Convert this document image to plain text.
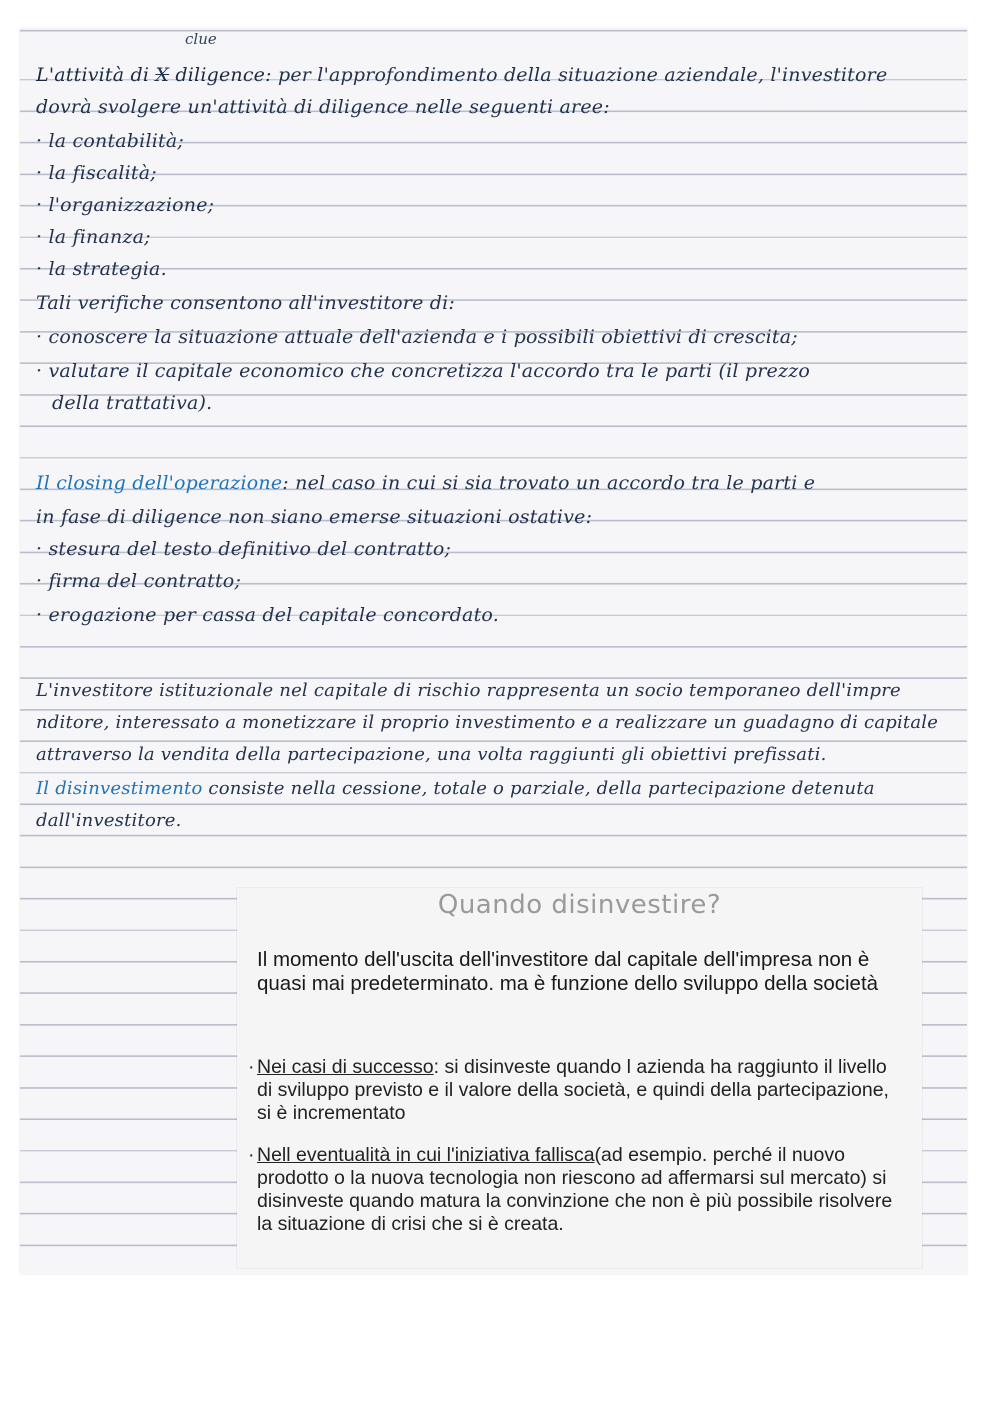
clue
L'attività di X diligence: per l'approfondimento della situazione aziendale, l'investitore
dovrà svolgere un'attività di diligence nelle seguenti aree:
· la contabilità;
· la fiscalità;
· l'organizzazione;
· la finanza;
· la strategia.
Tali verifiche consentono all'investitore di:
· conoscere la situazione attuale dell'azienda e i possibili obiettivi di crescita;
· valutare il capitale economico che concretizza l'accordo tra le parti (il prezzo
della trattativa).
Il closing dell'operazione: nel caso in cui si sia trovato un accordo tra le parti e
in fase di diligence non siano emerse situazioni ostative:
· stesura del testo definitivo del contratto;
· firma del contratto;
· erogazione per cassa del capitale concordato.
L'investitore istituzionale nel capitale di rischio rappresenta un socio temporaneo dell'impre
nditore, interessato a monetizzare il proprio investimento e a realizzare un guadagno di capitale
attraverso la vendita della partecipazione, una volta raggiunti gli obiettivi prefissati.
Il disinvestimento consiste nella cessione, totale o parziale, della partecipazione detenuta
dall'investitore.
Quando disinvestire?
Il momento dell'uscita dell'investitore dal capitale dell'impresa non è quasi mai predeterminato. ma è funzione dello sviluppo della società
· Nei casi di successo: si disinveste quando l azienda ha raggiunto il livello di sviluppo previsto e il valore della società, e quindi della partecipazione, si è incrementato
· Nell eventualità in cui l'iniziativa fallisca(ad esempio. perché il nuovo prodotto o la nuova tecnologia non riescono ad affermarsi sul mercato) si disinveste quando matura la convinzione che non è più possibile risolvere la situazione di crisi che si è creata.
